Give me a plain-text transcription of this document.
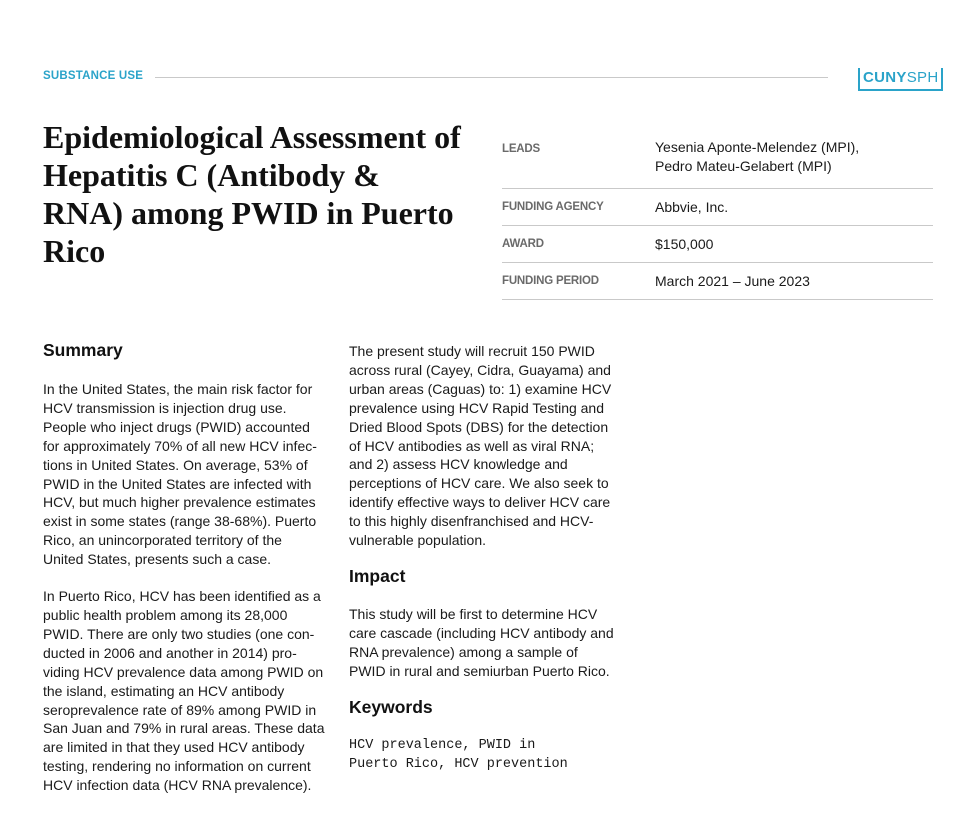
SUBSTANCE USE	CUNYSPH
Epidemiological Assessment of Hepatitis C (Antibody & RNA) among PWID in Puerto Rico
LEADS	Yesenia Aponte-Melendez (MPI),
Pedro Mateu-Gelabert (MPI)
FUNDING AGENCY	Abbvie, Inc.
AWARD	$150,000
FUNDING PERIOD	March 2021 – June 2023
Summary

In the United States, the main risk factor for HCV transmission is injection drug use. People who inject drugs (PWID) accounted for approximately 70% of all new HCV infec-tions in United States. On average, 53% of PWID in the United States are infected with HCV, but much higher prevalence estimates exist in some states (range 38-68%). Puerto Rico, an unincorporated territory of the United States, presents such a case.

In Puerto Rico, HCV has been identified as a public health problem among its 28,000 PWID. There are only two studies (one con-ducted in 2006 and another in 2014) pro-viding HCV prevalence data among PWID on the island, estimating an HCV antibody seroprevalence rate of 89% among PWID in San Juan and 79% in rural areas. These data are limited in that they used HCV antibody testing, rendering no information on current HCV infection data (HCV RNA prevalence).

The present study will recruit 150 PWID across rural (Cayey, Cidra, Guayama) and urban areas (Caguas) to: 1) examine HCV prevalence using HCV Rapid Testing and Dried Blood Spots (DBS) for the detection of HCV antibodies as well as viral RNA; and 2) assess HCV knowledge and perceptions of HCV care. We also seek to identify effective ways to deliver HCV care to this highly disenfranchised and HCV-vulnerable population.

Impact

This study will be first to determine HCV care cascade (including HCV antibody and RNA prevalence) among a sample of PWID in rural and semiurban Puerto Rico.

Keywords
HCV prevalence, PWID in
Puerto Rico, HCV prevention
